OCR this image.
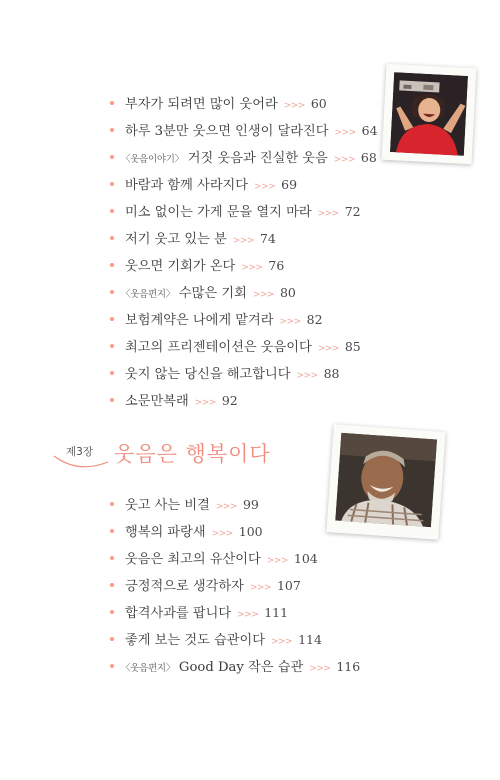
부자가 되려면 많이 웃어라 >>> 60
하루 3분만 웃으면 인생이 달라진다 >>> 64
〈웃음이야기〉 거짓 웃음과 진실한 웃음 >>> 68
바람과 함께 사라지다 >>> 69
미소 없이는 가게 문을 열지 마라 >>> 72
저기 웃고 있는 분 >>> 74
웃으면 기회가 온다 >>> 76
〈웃음편지〉 수많은 기회 >>> 80
보험계약은 나에게 맡겨라 >>> 82
최고의 프리젠테이션은 웃음이다 >>> 85
웃지 않는 당신을 해고합니다 >>> 88
소문만복래 >>> 92
제3장 웃음은 행복이다
웃고 사는 비결 >>> 99
행복의 파랑새 >>> 100
웃음은 최고의 유산이다 >>> 104
긍정적으로 생각하자 >>> 107
합격사과를 팝니다 >>> 111
좋게 보는 것도 습관이다 >>> 114
〈웃음편지〉 Good Day 작은 습관 >>> 116
